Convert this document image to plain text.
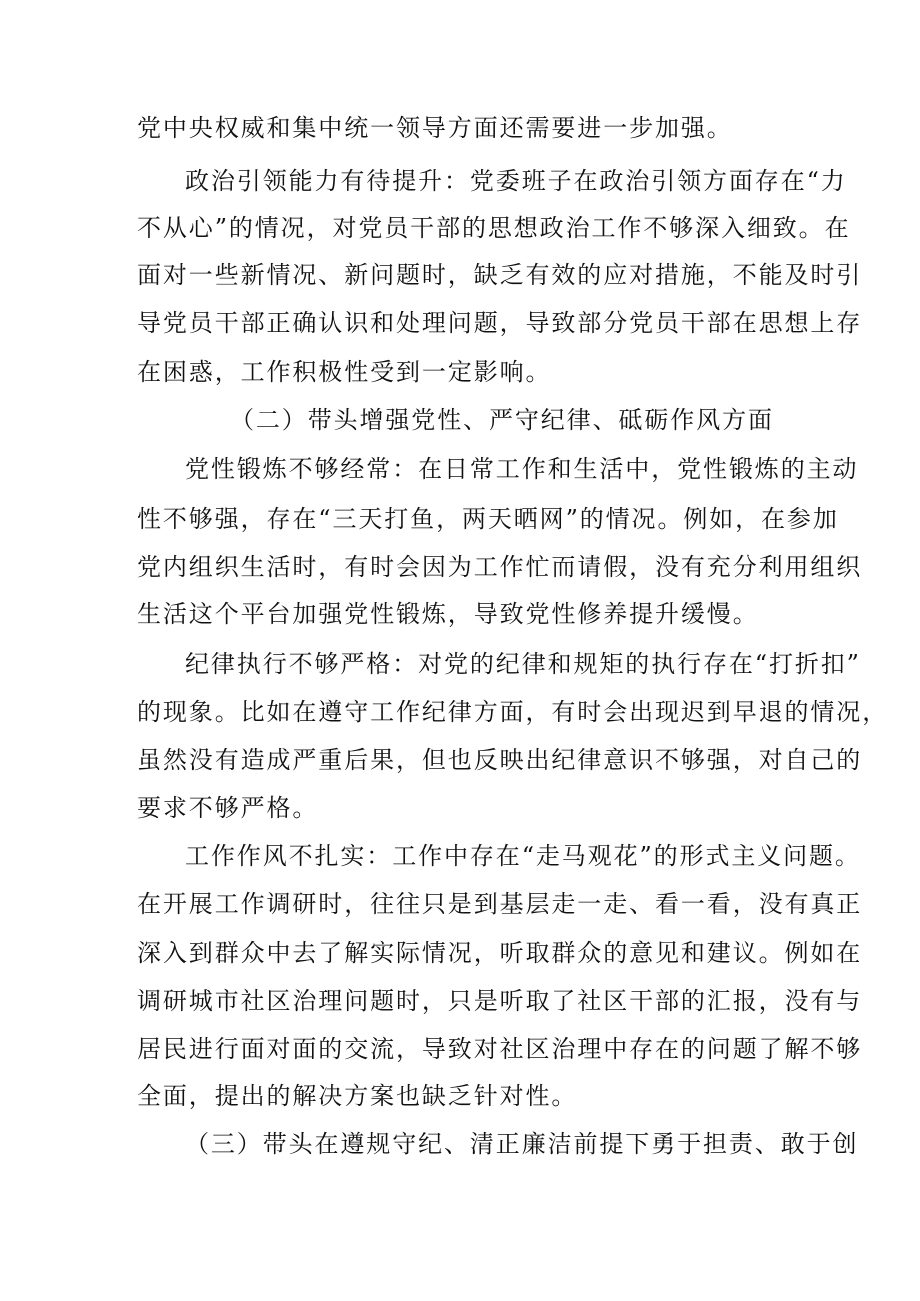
党中央权威和集中统一领导方面还需要进一步加强。
政治引领能力有待提升：党委班子在政治引领方面存在“力
不从心”的情况，对党员干部的思想政治工作不够深入细致。在
面对一些新情况、新问题时，缺乏有效的应对措施，不能及时引
导党员干部正确认识和处理问题，导致部分党员干部在思想上存
在困惑，工作积极性受到一定影响。
（二）带头增强党性、严守纪律、砥砺作风方面
党性锻炼不够经常：在日常工作和生活中，党性锻炼的主动
性不够强，存在“三天打鱼，两天晒网”的情况。例如，在参加
党内组织生活时，有时会因为工作忙而请假，没有充分利用组织
生活这个平台加强党性锻炼，导致党性修养提升缓慢。
纪律执行不够严格：对党的纪律和规矩的执行存在“打折扣”
的现象。比如在遵守工作纪律方面，有时会出现迟到早退的情况，
虽然没有造成严重后果，但也反映出纪律意识不够强，对自己的
要求不够严格。
工作作风不扎实：工作中存在“走马观花”的形式主义问题。
在开展工作调研时，往往只是到基层走一走、看一看，没有真正
深入到群众中去了解实际情况，听取群众的意见和建议。例如在
调研城市社区治理问题时，只是听取了社区干部的汇报，没有与
居民进行面对面的交流，导致对社区治理中存在的问题了解不够
全面，提出的解决方案也缺乏针对性。
（三）带头在遵规守纪、清正廉洁前提下勇于担责、敢于创
